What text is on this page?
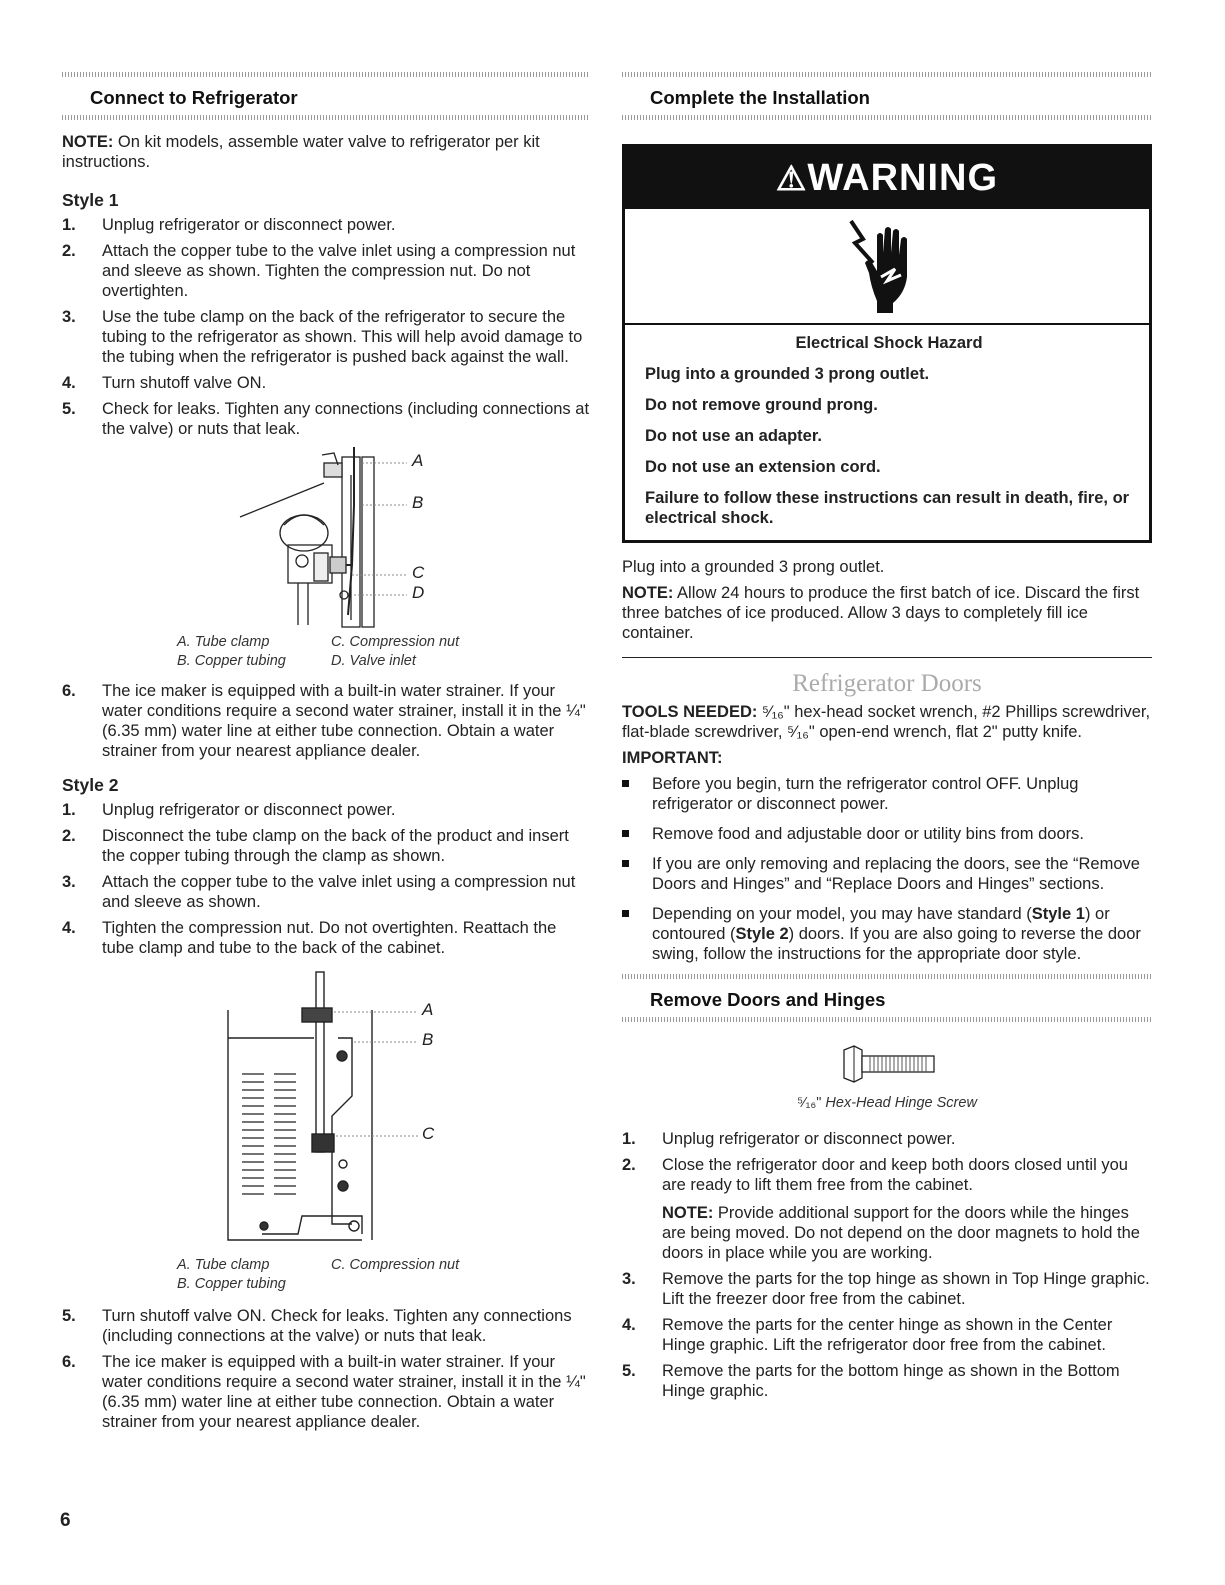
Connect to Refrigerator

NOTE: On kit models, assemble water valve to refrigerator per kit instructions.

Style 1
1. Unplug refrigerator or disconnect power.
2. Attach the copper tube to the valve inlet using a compression nut and sleeve as shown. Tighten the compression nut. Do not overtighten.
3. Use the tube clamp on the back of the refrigerator to secure the tubing to the refrigerator as shown. This will help avoid damage to the tubing when the refrigerator is pushed back against the wall.
4. Turn shutoff valve ON.
5. Check for leaks. Tighten any connections (including connections at the valve) or nuts that leak.
A
B
C
D
A. Tube clamp	C. Compression nut
B. Copper tubing	D. Valve inlet
6. The ice maker is equipped with a built-in water strainer. If your water conditions require a second water strainer, install it in the ¼" (6.35 mm) water line at either tube connection. Obtain a water strainer from your nearest appliance dealer.
Style 2
1. Unplug refrigerator or disconnect power.
2. Disconnect the tube clamp on the back of the product and insert the copper tubing through the clamp as shown.
3. Attach the copper tube to the valve inlet using a compression nut and sleeve as shown.
4. Tighten the compression nut. Do not overtighten. Reattach the tube clamp and tube to the back of the cabinet.
A
B
C
A. Tube clamp	C. Compression nut
B. Copper tubing
5. Turn shutoff valve ON. Check for leaks. Tighten any connections (including connections at the valve) or nuts that leak.
6. The ice maker is equipped with a built-in water strainer. If your water conditions require a second water strainer, install it in the ¼" (6.35 mm) water line at either tube connection. Obtain a water strainer from your nearest appliance dealer.
Complete the Installation
⚠WARNING

Electrical Shock Hazard

Plug into a grounded 3 prong outlet.

Do not remove ground prong.

Do not use an adapter.

Do not use an extension cord.

Failure to follow these instructions can result in death, fire, or electrical shock.

Plug into a grounded 3 prong outlet.

NOTE: Allow 24 hours to produce the first batch of ice. Discard the first three batches of ice produced. Allow 3 days to completely fill ice container.

Refrigerator Doors

TOOLS NEEDED: ⁵⁄₁₆" hex-head socket wrench, #2 Phillips screwdriver, flat-blade screwdriver, ⁵⁄₁₆" open-end wrench, flat 2" putty knife.

IMPORTANT:

Before you begin, turn the refrigerator control OFF. Unplug refrigerator or disconnect power.
Remove food and adjustable door or utility bins from doors.
If you are only removing and replacing the doors, see the “Remove Doors and Hinges” and “Replace Doors and Hinges” sections.
Depending on your model, you may have standard (Style 1) or contoured (Style 2) doors. If you are also going to reverse the door swing, follow the instructions for the appropriate door style.
Remove Doors and Hinges
⁵⁄₁₆" Hex-Head Hinge Screw
1. Unplug refrigerator or disconnect power.
2. Close the refrigerator door and keep both doors closed until you are ready to lift them free from the cabinet.
NOTE: Provide additional support for the doors while the hinges are being moved. Do not depend on the door magnets to hold the doors in place while you are working.
3. Remove the parts for the top hinge as shown in Top Hinge graphic. Lift the freezer door free from the cabinet.
4. Remove the parts for the center hinge as shown in the Center Hinge graphic. Lift the refrigerator door free from the cabinet.
5. Remove the parts for the bottom hinge as shown in the Bottom Hinge graphic.
6
